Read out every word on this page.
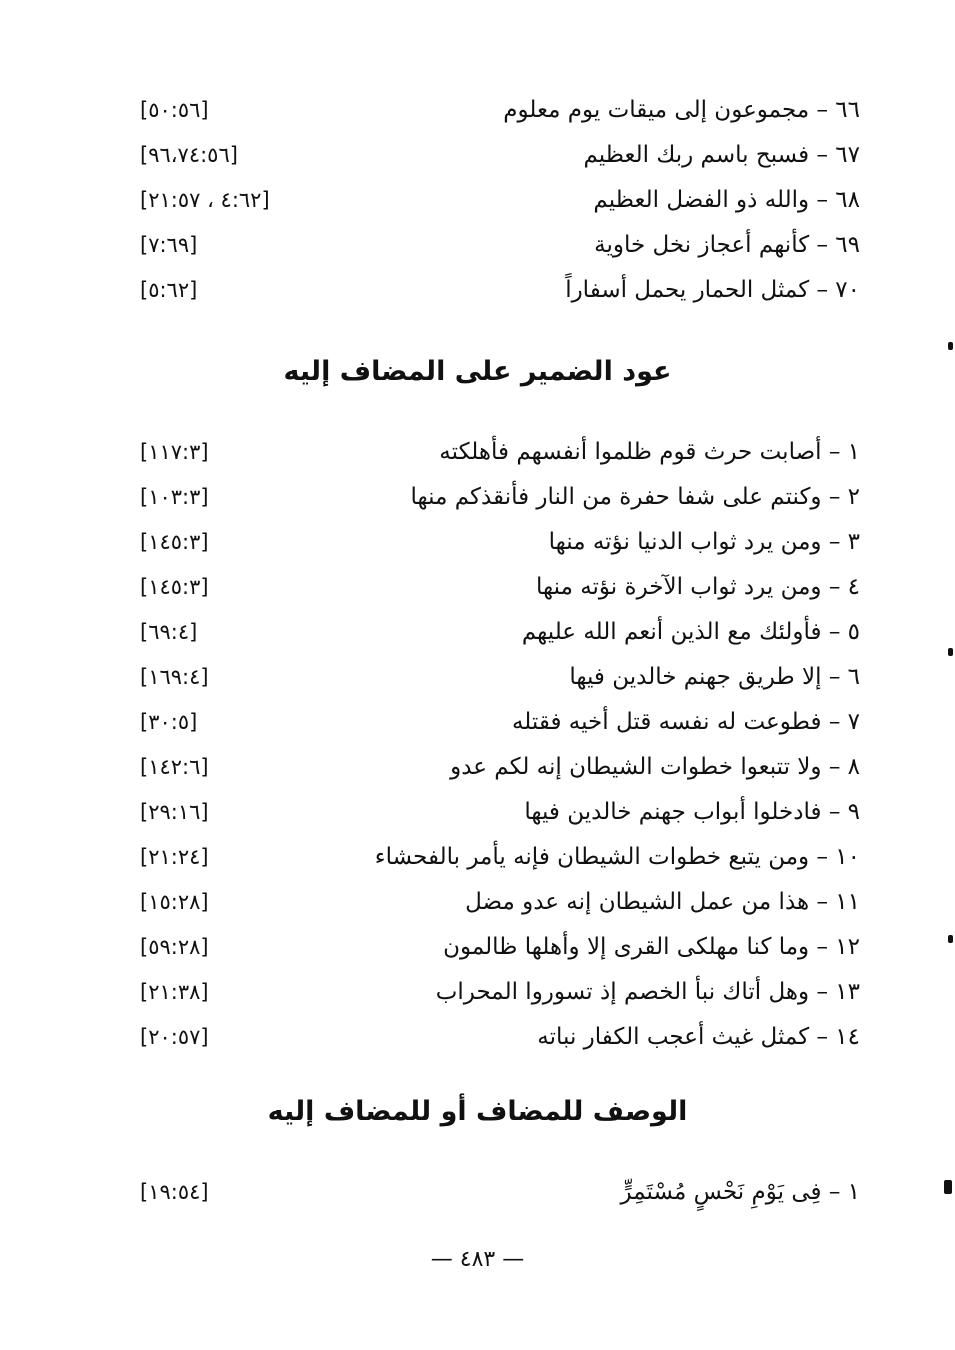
٦٦ – مجموعون إلى ميقات يوم معلوم
[٥٠:٥٦]
٦٧ – فسبح باسم ربك العظيم
[٩٦،٧٤:٥٦]
٦٨ – والله ذو الفضل العظيم
[٤:٦٢ ، ٢١:٥٧]
٦٩ – كأنهم أعجاز نخل خاوية
[٧:٦٩]
٧٠ – كمثل الحمار يحمل أسفاراً
[٥:٦٢]
عود الضمير على المضاف إليه
١ – أصابت حرث قوم ظلموا أنفسهم فأهلكته
[١١٧:٣]
٢ – وكنتم على شفا حفرة من النار فأنقذكم منها
[١٠٣:٣]
٣ – ومن يرد ثواب الدنيا نؤته منها
[١٤٥:٣]
٤ – ومن يرد ثواب الآخرة نؤته منها
[١٤٥:٣]
٥ – فأولئك مع الذين أنعم الله عليهم
[٦٩:٤]
٦ – إلا طريق جهنم خالدين فيها
[١٦٩:٤]
٧ – فطوعت له نفسه قتل أخيه فقتله
[٣٠:٥]
٨ – ولا تتبعوا خطوات الشيطان إنه لكم عدو
[١٤٢:٦]
٩ – فادخلوا أبواب جهنم خالدين فيها
[٢٩:١٦]
١٠ – ومن يتبع خطوات الشيطان فإنه يأمر بالفحشاء
[٢١:٢٤]
١١ – هذا من عمل الشيطان إنه عدو مضل
[١٥:٢٨]
١٢ – وما كنا مهلكى القرى إلا وأهلها ظالمون
[٥٩:٢٨]
١٣ – وهل أتاك نبأ الخصم إذ تسوروا المحراب
[٢١:٣٨]
١٤ – كمثل غيث أعجب الكفار نباته
[٢٠:٥٧]
الوصف للمضاف أو للمضاف إليه
١ – فِى يَوْمِ نَحْسٍ مُسْتَمِرٍّ
[١٩:٥٤]
— ٤٨٣ —
